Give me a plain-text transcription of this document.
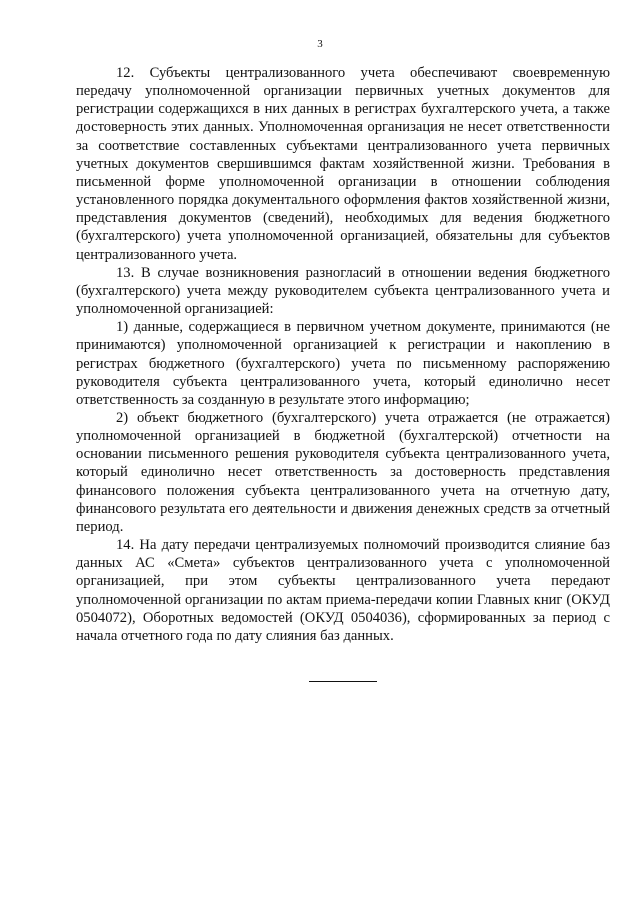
3

12. Субъекты централизованного учета обеспечивают своевременную передачу уполномоченной организации первичных учетных документов для регистрации содержащихся в них данных в регистрах бухгалтерского учета, а также достоверность этих данных. Уполномоченная организация не несет ответственности за соответствие составленных субъектами централизованного учета первичных учетных документов свершившимся фактам хозяйственной жизни. Требования в письменной форме уполномоченной организации в отношении соблюдения установленного порядка документального оформления фактов хозяйственной жизни, представления документов (сведений), необходимых для ведения бюджетного (бухгалтерского) учета уполномоченной организацией, обязательны для субъектов централизованного учета.

13. В случае возникновения разногласий в отношении ведения бюджетного (бухгалтерского) учета между руководителем субъекта централизованного учета и уполномоченной организацией:

1) данные, содержащиеся в первичном учетном документе, принимаются (не принимаются) уполномоченной организацией к регистрации и накоплению в регистрах бюджетного (бухгалтерского) учета по письменному распоряжению руководителя субъекта централизованного учета, который единолично несет ответственность за созданную в результате этого информацию;

2) объект бюджетного (бухгалтерского) учета отражается (не отражается) уполномоченной организацией в бюджетной (бухгалтерской) отчетности на основании письменного решения руководителя субъекта централизованного учета, который единолично несет ответственность за достоверность представления финансового положения субъекта централизованного учета на отчетную дату, финансового результата его деятельности и движения денежных средств за отчетный период.

14. На дату передачи централизуемых полномочий производится слияние баз данных АС «Смета» субъектов централизованного учета с уполномоченной организацией, при этом субъекты централизованного учета передают уполномоченной организации по актам приема-передачи копии Главных книг (ОКУД 0504072), Оборотных ведомостей (ОКУД 0504036), сформированных за период с начала отчетного года по дату слияния баз данных.
